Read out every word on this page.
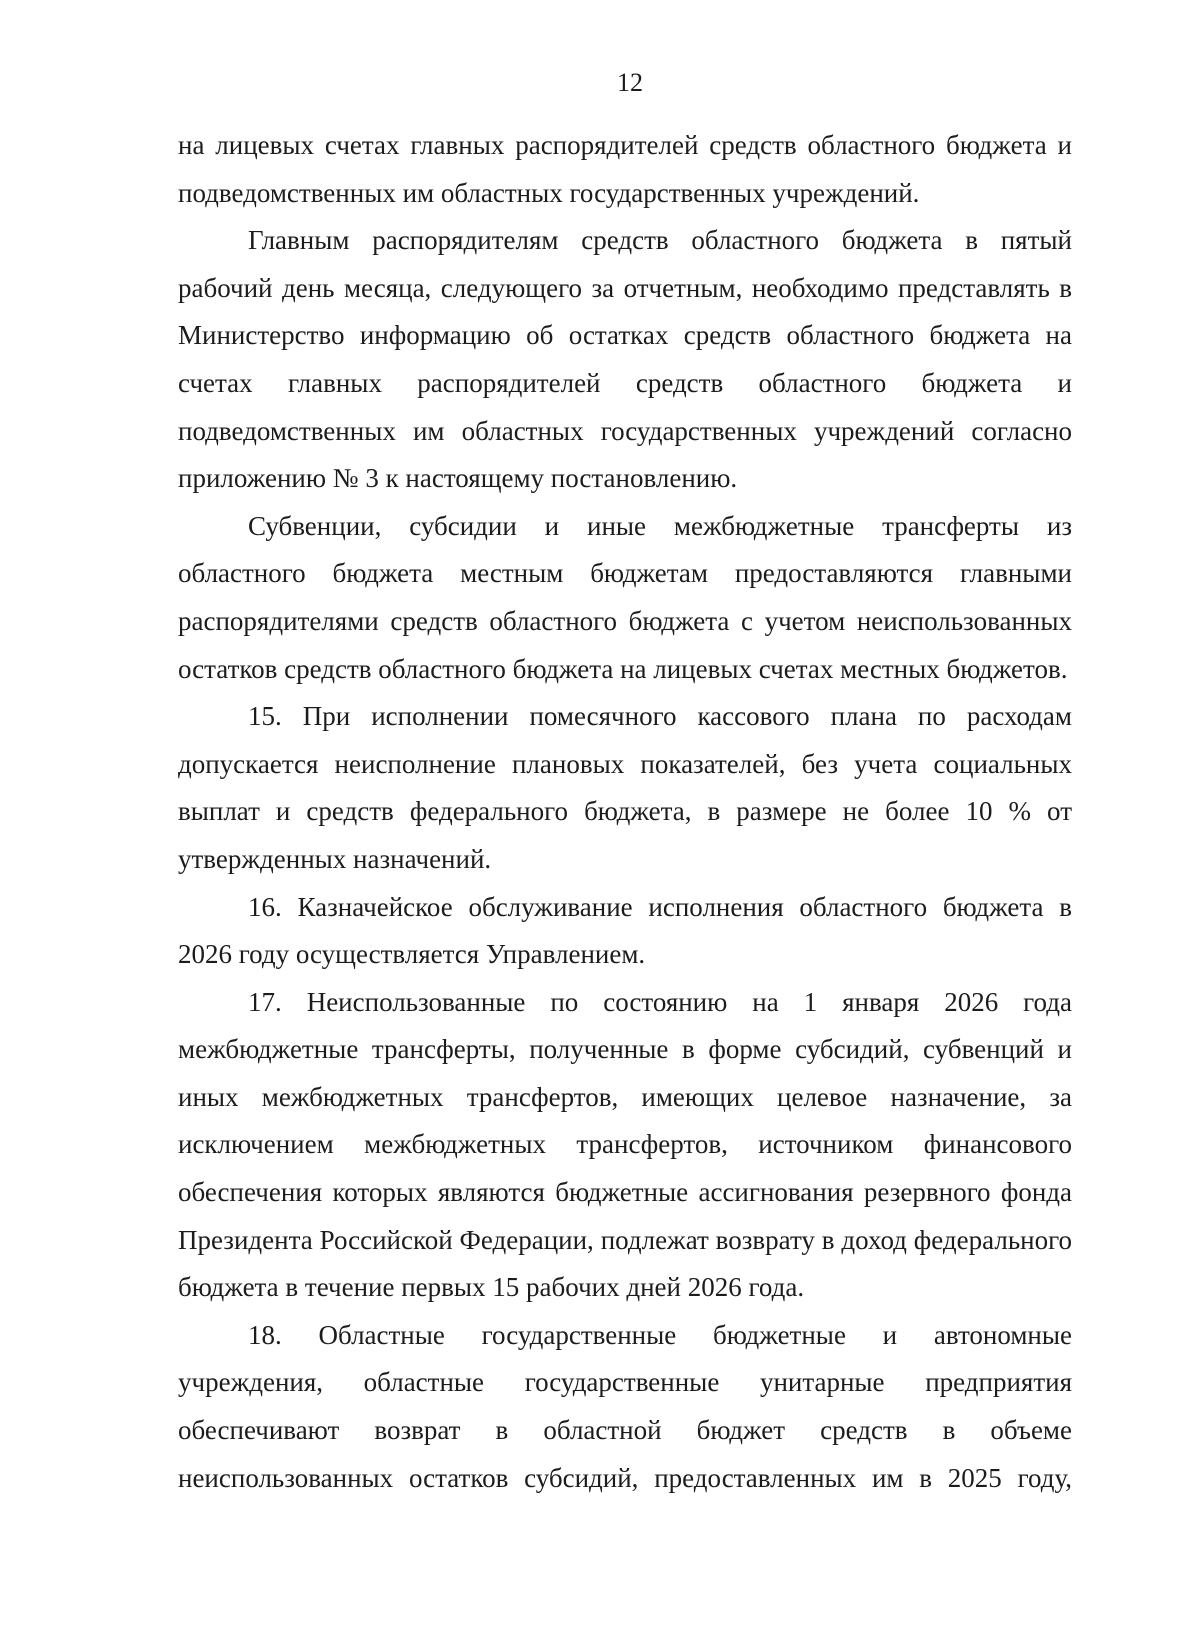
12

на лицевых счетах главных распорядителей средств областного бюджета и подведомственных им областных государственных учреждений.

Главным распорядителям средств областного бюджета в пятый рабочий день месяца, следующего за отчетным, необходимо представлять в Министерство информацию об остатках средств областного бюджета на счетах главных распорядителей средств областного бюджета и подведомственных им областных государственных учреждений согласно приложению № 3 к настоящему постановлению.

Субвенции, субсидии и иные межбюджетные трансферты из областного бюджета местным бюджетам предоставляются главными распорядителями средств областного бюджета с учетом неиспользованных остатков средств областного бюджета на лицевых счетах местных бюджетов.

15. При исполнении помесячного кассового плана по расходам допускается неисполнение плановых показателей, без учета социальных выплат и средств федерального бюджета, в размере не более 10 % от утвержденных назначений.

16. Казначейское обслуживание исполнения областного бюджета в 2026 году осуществляется Управлением.

17. Неиспользованные по состоянию на 1 января 2026 года межбюджетные трансферты, полученные в форме субсидий, субвенций и иных межбюджетных трансфертов, имеющих целевое назначение, за исключением межбюджетных трансфертов, источником финансового обеспечения которых являются бюджетные ассигнования резервного фонда Президента Российской Федерации, подлежат возврату в доход федерального бюджета в течение первых 15 рабочих дней 2026 года.

18. Областные государственные бюджетные и автономные учреждения, областные государственные унитарные предприятия обеспечивают возврат в областной бюджет средств в объеме неиспользованных остатков субсидий, предоставленных им в 2025 году,
